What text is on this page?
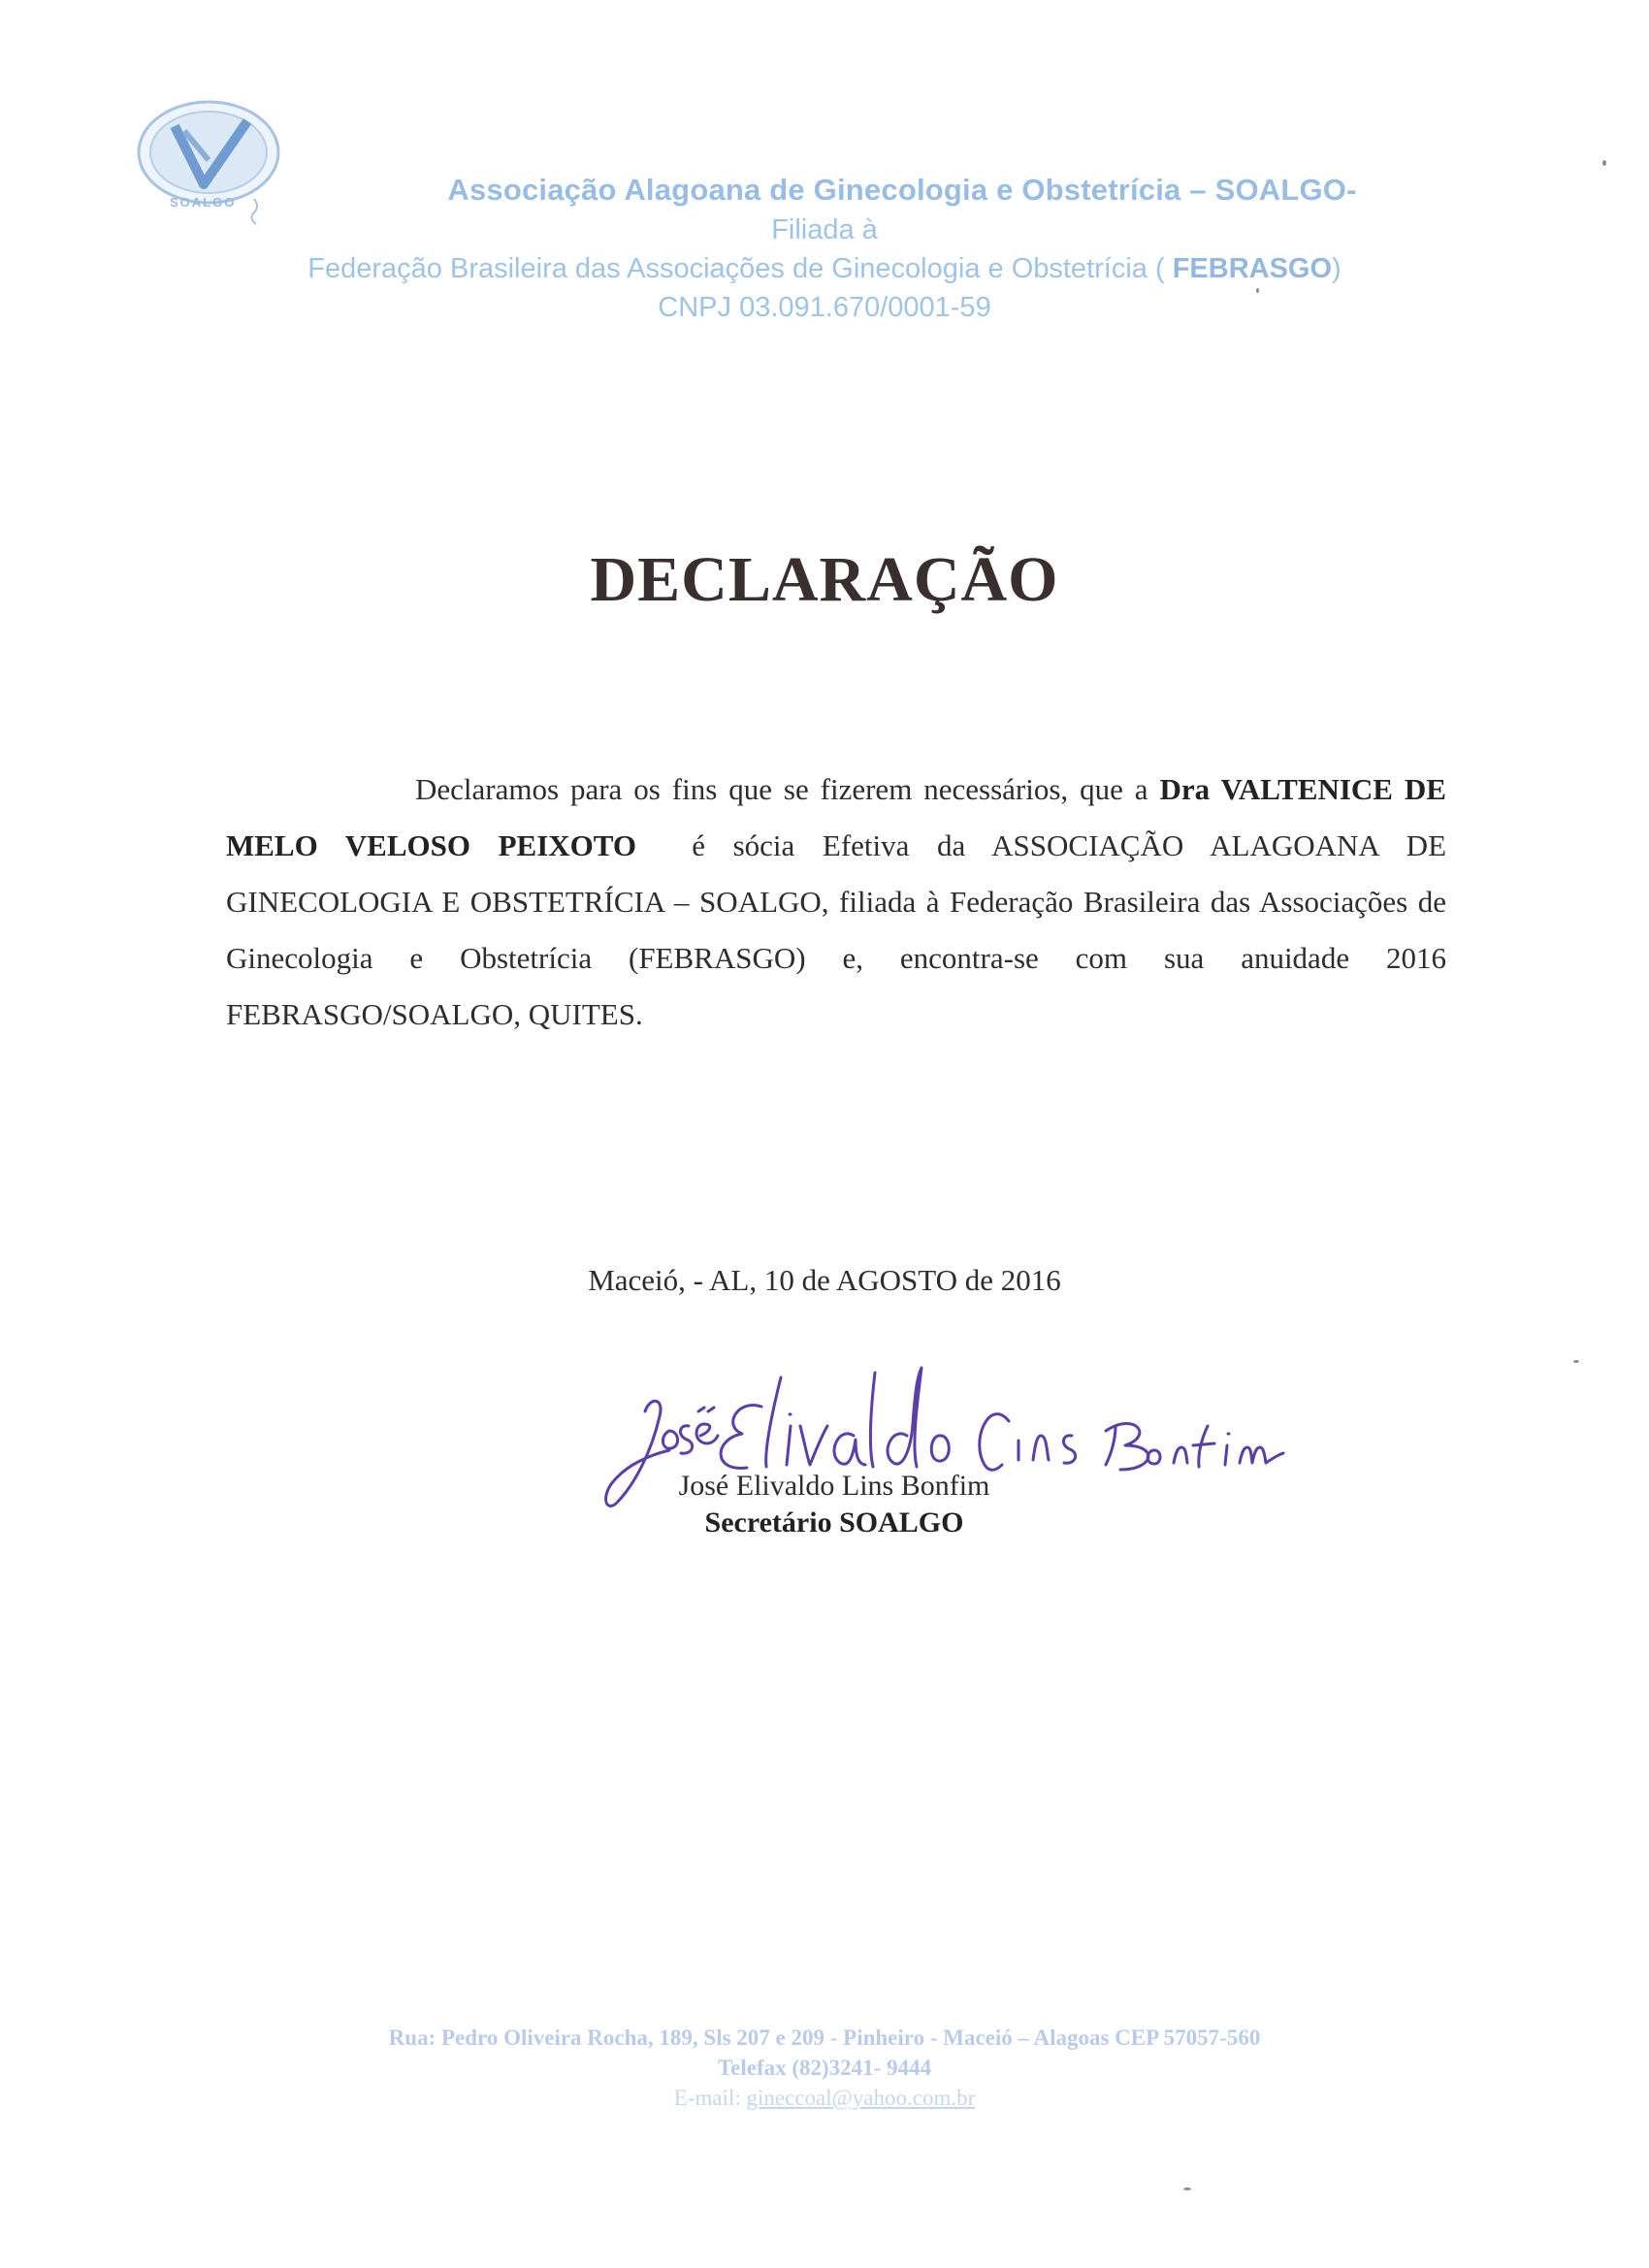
SOALGO	Associação Alagoana de Ginecologia e Obstetrícia – SOALGO-
Filiada à
Federação Brasileira das Associações de Ginecologia e Obstetrícia ( FEBRASGO)
CNPJ 03.091.670/0001-59
DECLARAÇÃO
Declaramos para os fins que se fizerem necessários, que a Dra VALTENICE DE MELO VELOSO PEIXOTO é sócia Efetiva da ASSOCIAÇÃO ALAGOANA DE GINECOLOGIA E OBSTETRÍCIA – SOALGO, filiada à Federação Brasileira das Associações de Ginecologia e Obstetrícia (FEBRASGO) e, encontra-se com sua anuidade 2016 FEBRASGO/SOALGO, QUITES.
Maceió, - AL, 10 de AGOSTO de 2016
José Elivaldo Lins Bonfim
José Elivaldo Lins Bonfim
Secretário SOALGO
Rua: Pedro Oliveira Rocha, 189, Sls 207 e 209 - Pinheiro - Maceió – Alagoas CEP 57057-560
Telefax (82)3241- 9444
E-mail: gineccoal@yahoo.com.br
